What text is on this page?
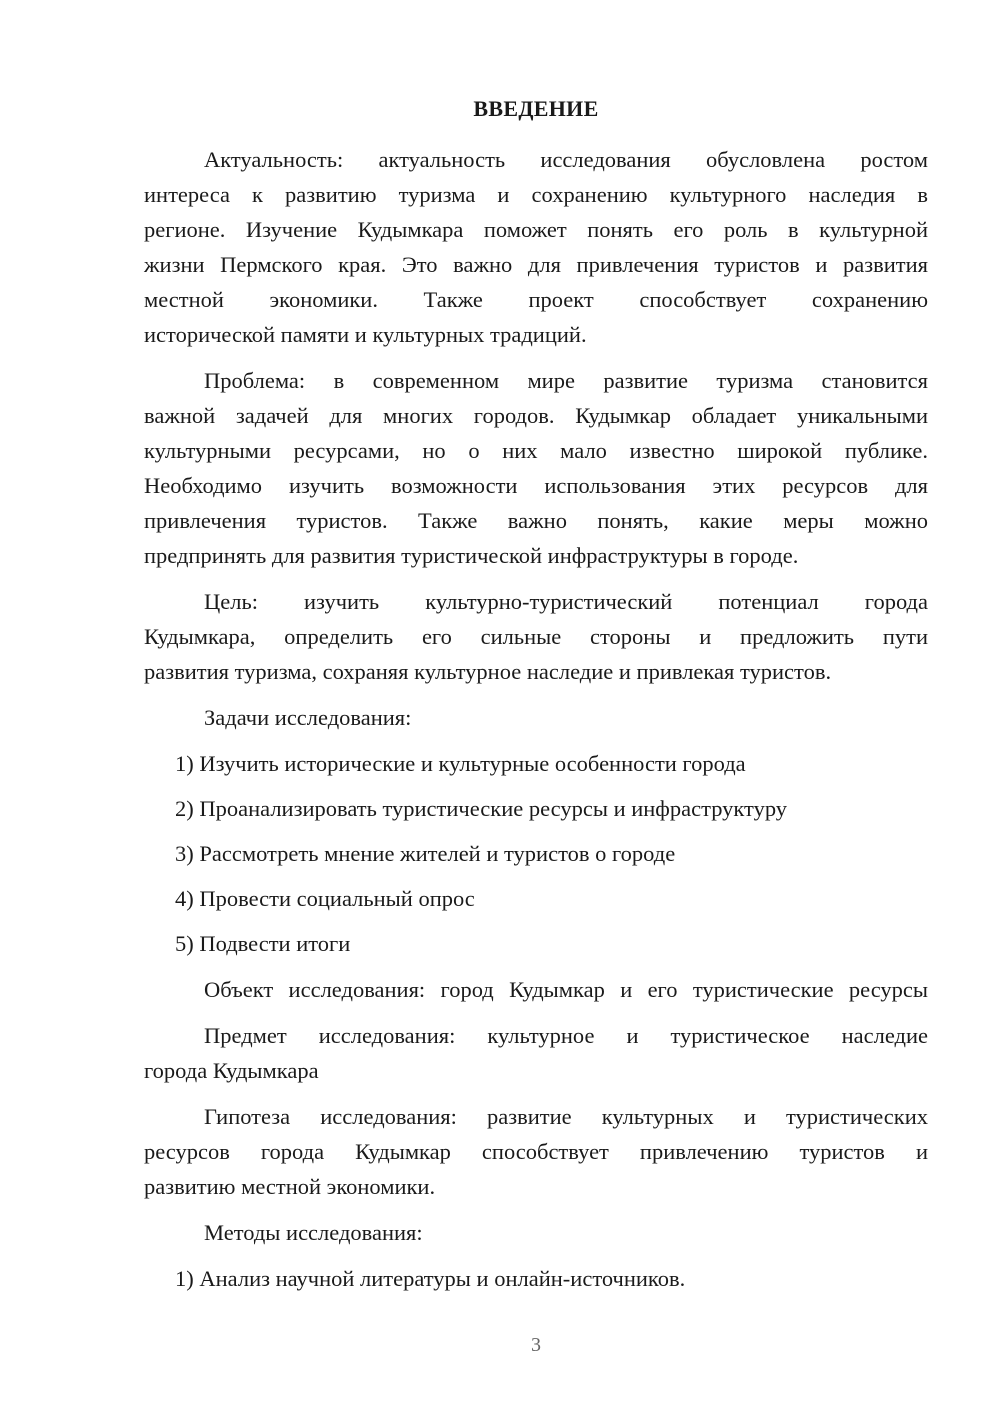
ВВЕДЕНИЕ
Актуальность: актуальность исследования обусловлена ростом
интереса к развитию туризма и сохранению культурного наследия в
регионе. Изучение Кудымкара поможет понять его роль в культурной
жизни Пермского края. Это важно для привлечения туристов и развития
местной экономики. Также проект способствует сохранению
исторической памяти и культурных традиций.
Проблема: в современном мире развитие туризма становится
важной задачей для многих городов. Кудымкар обладает уникальными
культурными ресурсами, но о них мало известно широкой публике.
Необходимо изучить возможности использования этих ресурсов для
привлечения туристов. Также важно понять, какие меры можно
предпринять для развития туристической инфраструктуры в городе.
Цель: изучить культурно-туристический потенциал города
Кудымкара, определить его сильные стороны и предложить пути
развития туризма, сохраняя культурное наследие и привлекая туристов.
Задачи исследования:
1) Изучить исторические и культурные особенности города
2) Проанализировать туристические ресурсы и инфраструктуру
3) Рассмотреть мнение жителей и туристов о городе
4) Провести социальный опрос
5) Подвести итоги
Объект исследования: город Кудымкар и его туристические ресурсы
Предмет исследования: культурное и туристическое наследие
города Кудымкара
Гипотеза исследования: развитие культурных и туристических
ресурсов города Кудымкар способствует привлечению туристов и
развитию местной экономики.
Методы исследования:
1) Анализ научной литературы и онлайн-источников.
3
